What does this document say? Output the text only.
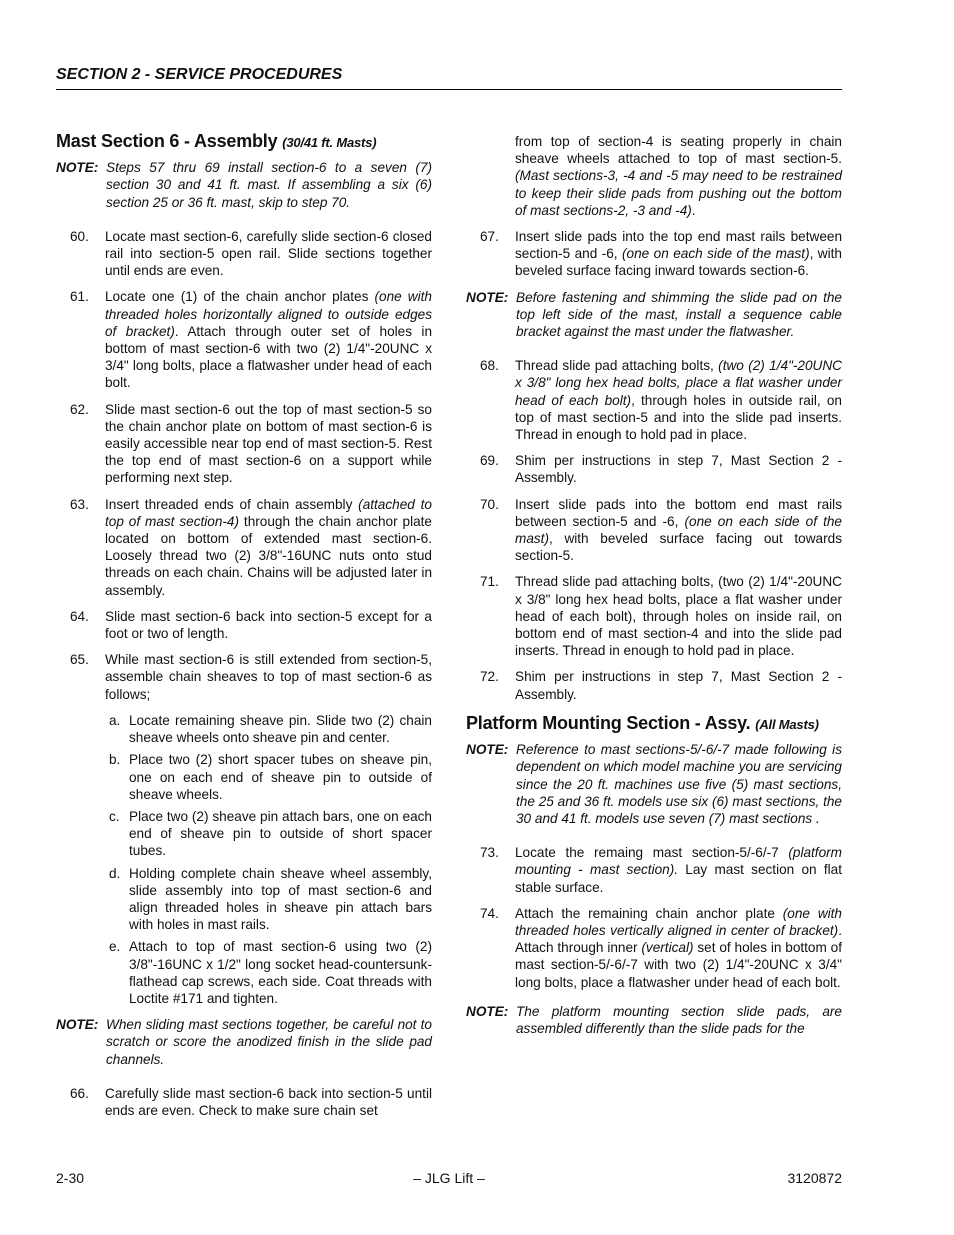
SECTION 2 - SERVICE PROCEDURES
Mast Section 6 - Assembly (30/41 ft. Masts)
NOTE: Steps 57 thru 69 install section-6 to a seven (7) section 30 and 41 ft. mast. If assembling a six (6) section 25 or 36 ft. mast, skip to step 70.
60.	Locate mast section-6, carefully slide section-6 closed rail into section-5 open rail. Slide sections together until ends are even.
61.	Locate one (1) of the chain anchor plates (one with threaded holes horizontally aligned to outside edges of bracket). Attach through outer set of holes in bottom of mast section-6 with two (2) 1/4"-20UNC x 3/4" long bolts, place a flatwasher under head of each bolt.
62.	Slide mast section-6 out the top of mast section-5 so the chain anchor plate on bottom of mast section-6 is easily accessible near top end of mast section-5. Rest the top end of mast section-6 on a support while performing next step.
63.	Insert threaded ends of chain assembly (attached to top of mast section-4) through the chain anchor plate located on bottom of extended mast section-6. Loosely thread two (2) 3/8"-16UNC nuts onto stud threads on each chain. Chains will be adjusted later in assembly.
64.	Slide mast section-6 back into section-5 except for a foot or two of length.
65.	While mast section-6 is still extended from section-5, assemble chain sheaves to top of mast section-6 as follows;
a. Locate remaining sheave pin. Slide two (2) chain sheave wheels onto sheave pin and center.
b. Place two (2) short spacer tubes on sheave pin, one on each end of sheave pin to outside of sheave wheels.
c. Place two (2) sheave pin attach bars, one on each end of sheave pin to outside of short spacer tubes.
d. Holding complete chain sheave wheel assembly, slide assembly into top of mast section-6 and align threaded holes in sheave pin attach bars with holes in mast rails.
e. Attach to top of mast section-6 using two (2) 3/8"-16UNC x 1/2" long socket head-countersunk-flathead cap screws, each side. Coat threads with Loctite #171 and tighten.
NOTE: When sliding mast sections together, be careful not to scratch or score the anodized finish in the slide pad channels.
66.	Carefully slide mast section-6 back into section-5 until ends are even. Check to make sure chain set
from top of section-4 is seating properly in chain sheave wheels attached to top of mast section-5. (Mast sections-3, -4 and -5 may need to be restrained to keep their slide pads from pushing out the bottom of mast sections-2, -3 and -4).
67.	Insert slide pads into the top end mast rails between section-5 and -6, (one on each side of the mast), with beveled surface facing inward towards section-6.
NOTE: Before fastening and shimming the slide pad on the top left side of the mast, install a sequence cable bracket against the mast under the flatwasher.
68.	Thread slide pad attaching bolts, (two (2) 1/4"-20UNC x 3/8" long hex head bolts, place a flat washer under head of each bolt), through holes in outside rail, on top of mast section-5 and into the slide pad inserts. Thread in enough to hold pad in place.
69.	Shim per instructions in step 7, Mast Section 2 - Assembly.
70.	Insert slide pads into the bottom end mast rails between section-5 and -6, (one on each side of the mast), with beveled surface facing out towards section-5.
71.	Thread slide pad attaching bolts, (two (2) 1/4"-20UNC x 3/8" long hex head bolts, place a flat washer under head of each bolt), through holes on inside rail, on bottom end of mast section-4 and into the slide pad inserts. Thread in enough to hold pad in place.
72.	Shim per instructions in step 7, Mast Section 2 - Assembly.
Platform Mounting Section - Assy. (All Masts)
NOTE: Reference to mast sections-5/-6/-7 made following is dependent on which model machine you are servicing since the 20 ft. machines use five (5) mast sections, the 25 and 36 ft. models use six (6) mast sections, the 30 and 41 ft. models use seven (7) mast sections .
73.	Locate the remaing mast section-5/-6/-7 (platform mounting - mast section). Lay mast section on flat stable surface.
74.	Attach the remaining chain anchor plate (one with threaded holes vertically aligned in center of bracket). Attach through inner (vertical) set of holes in bottom of mast section-5/-6/-7 with two (2) 1/4"-20UNC x 3/4" long bolts, place a flatwasher under head of each bolt.
NOTE: The platform mounting section slide pads, are assembled differently than the slide pads for the
2-30	– JLG Lift –	3120872
